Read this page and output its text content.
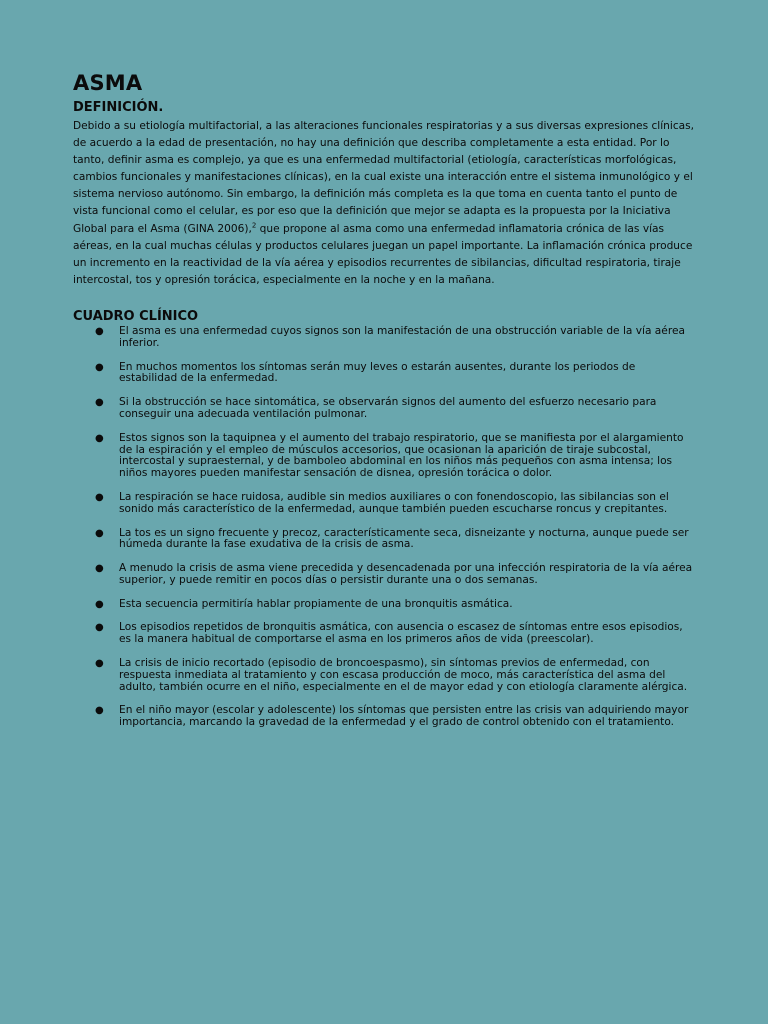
ASMA
DEFINICIÓN.

Debido a su etiología multifactorial, a las alteraciones funcionales respiratorias y a sus diversas expresiones clínicas, de acuerdo a la edad de presentación, no hay una definición que describa completamente a esta entidad. Por lo tanto, definir asma es complejo, ya que es una enfermedad multifactorial (etiología, características morfológicas, cambios funcionales y manifestaciones clínicas), en la cual existe una interacción entre el sistema inmunológico y el sistema nervioso autónomo. Sin embargo, la definición más completa es la que toma en cuenta tanto el punto de vista funcional como el celular, es por eso que la definición que mejor se adapta es la propuesta por la Iniciativa Global para el Asma (GINA 2006),$^2$ que propone al asma como una enfermedad inflamatoria crónica de las vías aéreas, en la cual muchas células y productos celulares juegan un papel importante. La inflamación crónica produce un incremento en la reactividad de la vía aérea y episodios recurrentes de sibilancias, dificultad respiratoria, tiraje intercostal, tos y opresión torácica, especialmente en la noche y en la mañana.

CUADRO CLÍNICO
● El asma es una enfermedad cuyos signos son la manifestación de una obstrucción variable de la vía aérea inferior.
● En muchos momentos los síntomas serán muy leves o estarán ausentes, durante los periodos de estabilidad de la enfermedad.
● Si la obstrucción se hace sintomática, se observarán signos del aumento del esfuerzo necesario para conseguir una adecuada ventilación pulmonar.
● Estos signos son la taquipnea y el aumento del trabajo respiratorio, que se manifiesta por el alargamiento de la espiración y el empleo de músculos accesorios, que ocasionan la aparición de tiraje subcostal, intercostal y supraesternal, y de bamboleo abdominal en los niños más pequeños con asma intensa; los niños mayores pueden manifestar sensación de disnea, opresión torácica o dolor.
● La respiración se hace ruidosa, audible sin medios auxiliares o con fonendoscopio, las sibilancias son el sonido más característico de la enfermedad, aunque también pueden escucharse roncus y crepitantes.
● La tos es un signo frecuente y precoz, característicamente seca, disneizante y nocturna, aunque puede ser húmeda durante la fase exudativa de la crisis de asma.
● A menudo la crisis de asma viene precedida y desencadenada por una infección respiratoria de la vía aérea superior, y puede remitir en pocos días o persistir durante una o dos semanas.
● Esta secuencia permitiría hablar propiamente de una bronquitis asmática.
● Los episodios repetidos de bronquitis asmática, con ausencia o escasez de síntomas entre esos episodios, es la manera habitual de comportarse el asma en los primeros años de vida (preescolar).
● La crisis de inicio recortado (episodio de broncoespasmo), sin síntomas previos de enfermedad, con respuesta inmediata al tratamiento y con escasa producción de moco, más característica del asma del adulto, también ocurre en el niño, especialmente en el de mayor edad y con etiología claramente alérgica.
● En el niño mayor (escolar y adolescente) los síntomas que persisten entre las crisis van adquiriendo mayor importancia, marcando la gravedad de la enfermedad y el grado de control obtenido con el tratamiento.
